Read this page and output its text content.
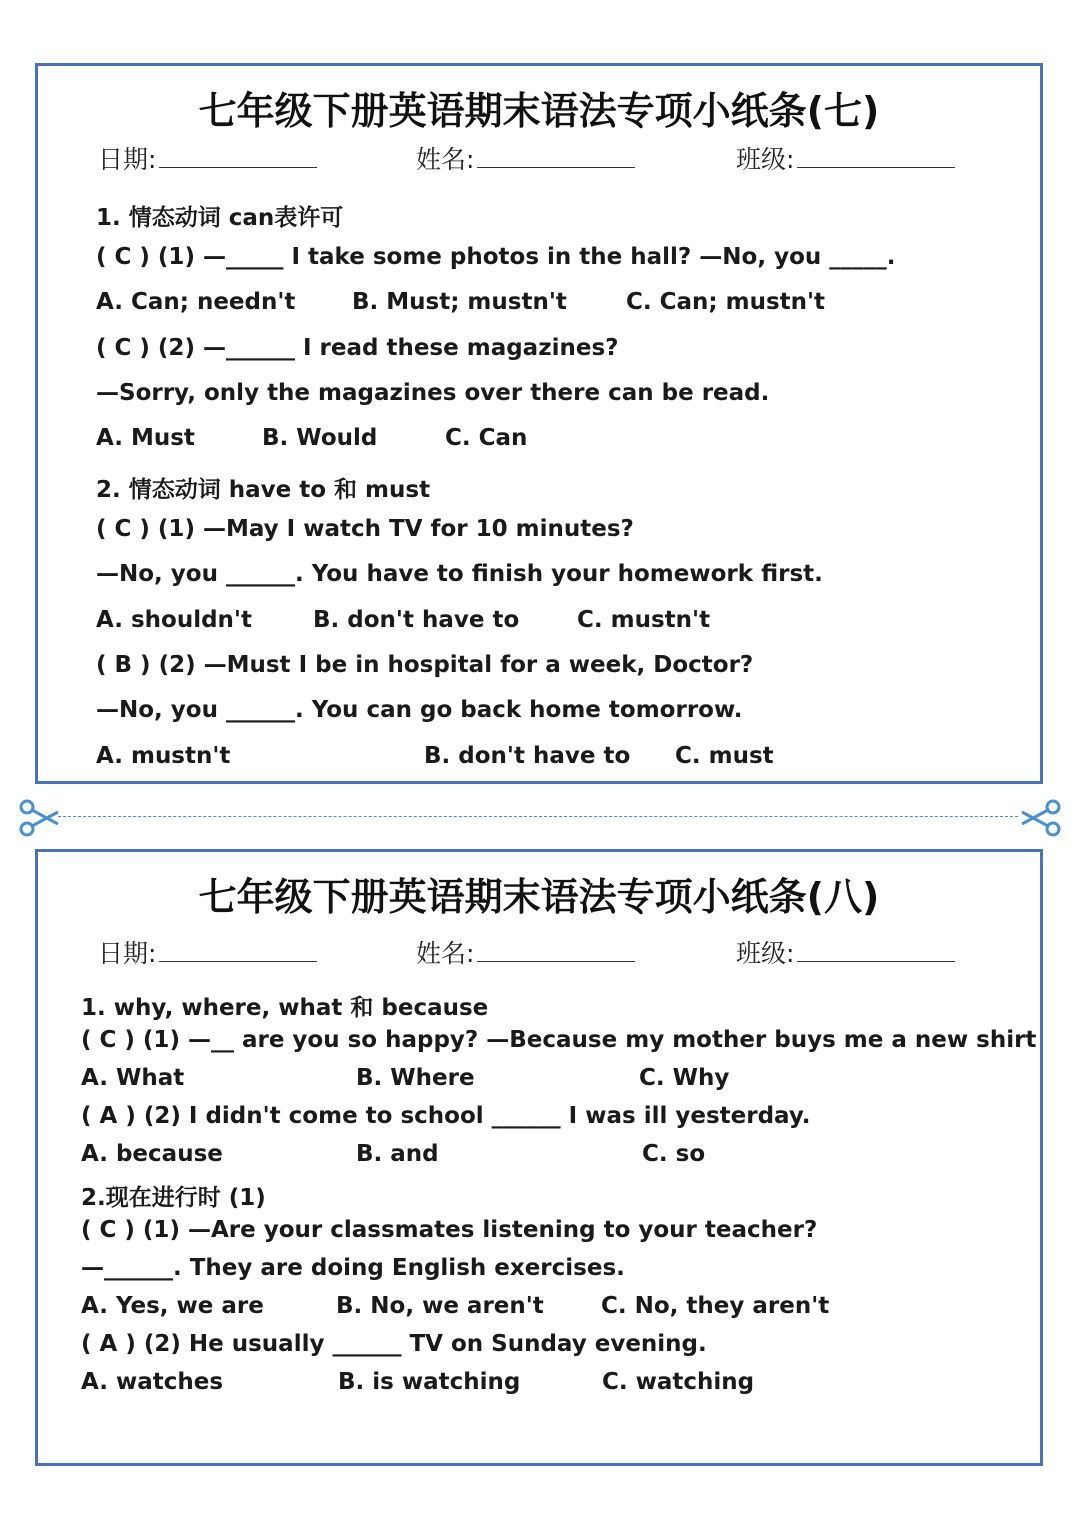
七年级下册英语期末语法专项小纸条(七)
日期:	姓名:	班级:
1. 情态动词 can表许可
( C ) (1) —_____ I take some photos in the hall? —No, you _____.
A. Can; needn't B. Must; mustn't	C. Can; mustn't
( C ) (2) —______ I read these magazines?
—Sorry, only the magazines over there can be read.
A. Must	B. Would	C. Can
2. 情态动词 have to 和 must
( C ) (1) —May I watch TV for 10 minutes?
—No, you ______. You have to finish your homework first.
A. shouldn't	B. don't have to	C. mustn't
( B ) (2) —Must I be in hospital for a week, Doctor?
—No, you ______. You can go back home tomorrow.
A. mustn't	B. don't have to C. must
七年级下册英语期末语法专项小纸条(八)
日期:	姓名:	班级:
1. why, where, what 和 because
( C ) (1) —__ are you so happy? —Because my mother buys me a new shirt
A. What	B. Where	C. Why
( A ) (2) I didn't come to school ______ I was ill yesterday.
A. because	B. and	C. so
2.现在进行时 (1)
( C ) (1) —Are your classmates listening to your teacher?
—______. They are doing English exercises.
A. Yes, we are	B. No, we aren't C. No, they aren't
( A ) (2) He usually ______ TV on Sunday evening.
A. watches	B. is watching	C. watching
